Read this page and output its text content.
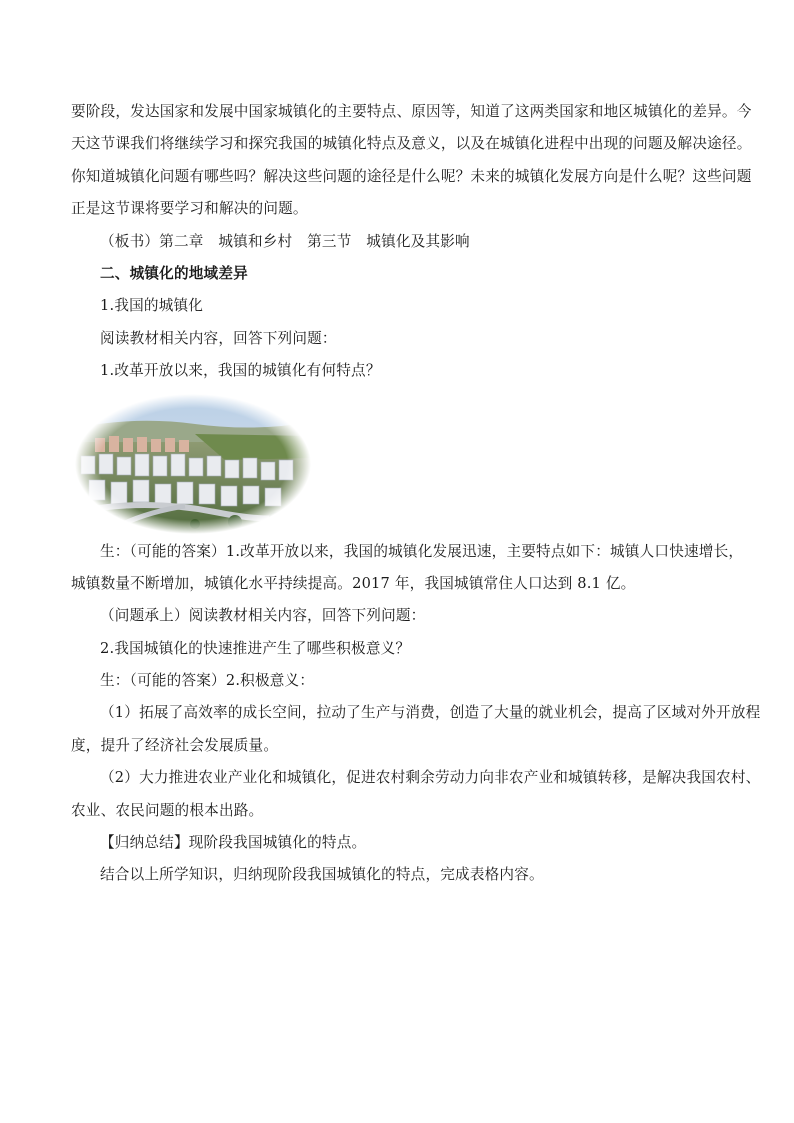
要阶段，发达国家和发展中国家城镇化的主要特点、原因等，知道了这两类国家和地区城镇化的差异。今
天这节课我们将继续学习和探究我国的城镇化特点及意义，以及在城镇化进程中出现的问题及解决途径。
你知道城镇化问题有哪些吗？解决这些问题的途径是什么呢？未来的城镇化发展方向是什么呢？这些问题
正是这节课将要学习和解决的问题。
（板书）第二章　城镇和乡村　第三节　城镇化及其影响
二、城镇化的地域差异
1.我国的城镇化
阅读教材相关内容，回答下列问题：
1.改革开放以来，我国的城镇化有何特点？
生：（可能的答案）1.改革开放以来，我国的城镇化发展迅速，主要特点如下：城镇人口快速增长，
城镇数量不断增加，城镇化水平持续提高。2017 年，我国城镇常住人口达到 8.1 亿。
（问题承上）阅读教材相关内容，回答下列问题：
2.我国城镇化的快速推进产生了哪些积极意义？
生：（可能的答案）2.积极意义：
（1）拓展了高效率的成长空间，拉动了生产与消费，创造了大量的就业机会，提高了区域对外开放程
度，提升了经济社会发展质量。
（2）大力推进农业产业化和城镇化，促进农村剩余劳动力向非农产业和城镇转移，是解决我国农村、
农业、农民问题的根本出路。
【归纳总结】现阶段我国城镇化的特点。
结合以上所学知识，归纳现阶段我国城镇化的特点，完成表格内容。
